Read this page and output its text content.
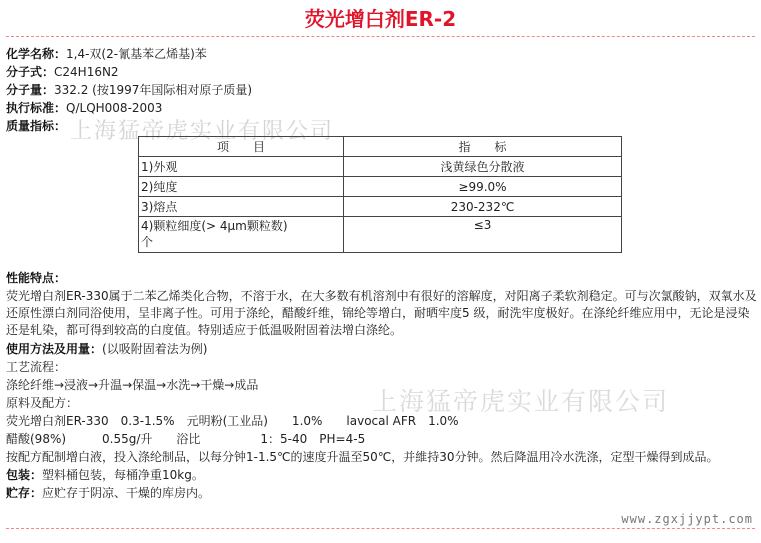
荧光增白剂ER-2
上海猛帝虎实业有限公司
上海猛帝虎实业有限公司
化学名称：1,4-双(2-氰基苯乙烯基)苯
分子式：C24H16N2
分子量：332.2 (按1997年国际相对原子质量)
执行标准：Q/LQH008-2003
质量指标：
项　　目	指　　标
1)外观	浅黄绿色分散液
2)纯度	≥99.0%
3)熔点	230-232℃
4)颗粒细度(> 4μm颗粒数)
个	≤3
性能特点：
荧光增白剂ER-330属于二苯乙烯类化合物，不溶于水，在大多数有机溶剂中有很好的溶解度，对阳离子柔软剂稳定。可与次氯酸钠，双氧水及
还原性漂白剂同浴使用，呈非离子性。可用于涤纶，醋酸纤维，锦纶等增白，耐晒牢度5 级，耐洗牢度极好。在涤纶纤维应用中，无论是浸染
还是轧染，都可得到较高的白度值。特别适应于低温吸附固着法增白涤纶。
使用方法及用量：(以吸附固着法为例)
工艺流程：
涤纶纤维→浸液→升温→保温→水洗→干燥→成品
原料及配方：
荧光增白剂ER-330　0.3-1.5%　元明粉(工业品)　　1.0%　　lavocal AFR　1.0%
醋酸(98%)　　　0.55g/升　　浴比　　　　　1：5-40　PH=4-5
按配方配制增白液，投入涤纶制品，以每分钟1-1.5℃的速度升温至50℃，并維持30分钟。然后降温用冷水洗涤，定型干燥得到成品。
包装：塑料桶包装，每桶净重10kg。
贮存：应贮存于阴凉、干燥的库房内。
www.zgxjjypt.com
